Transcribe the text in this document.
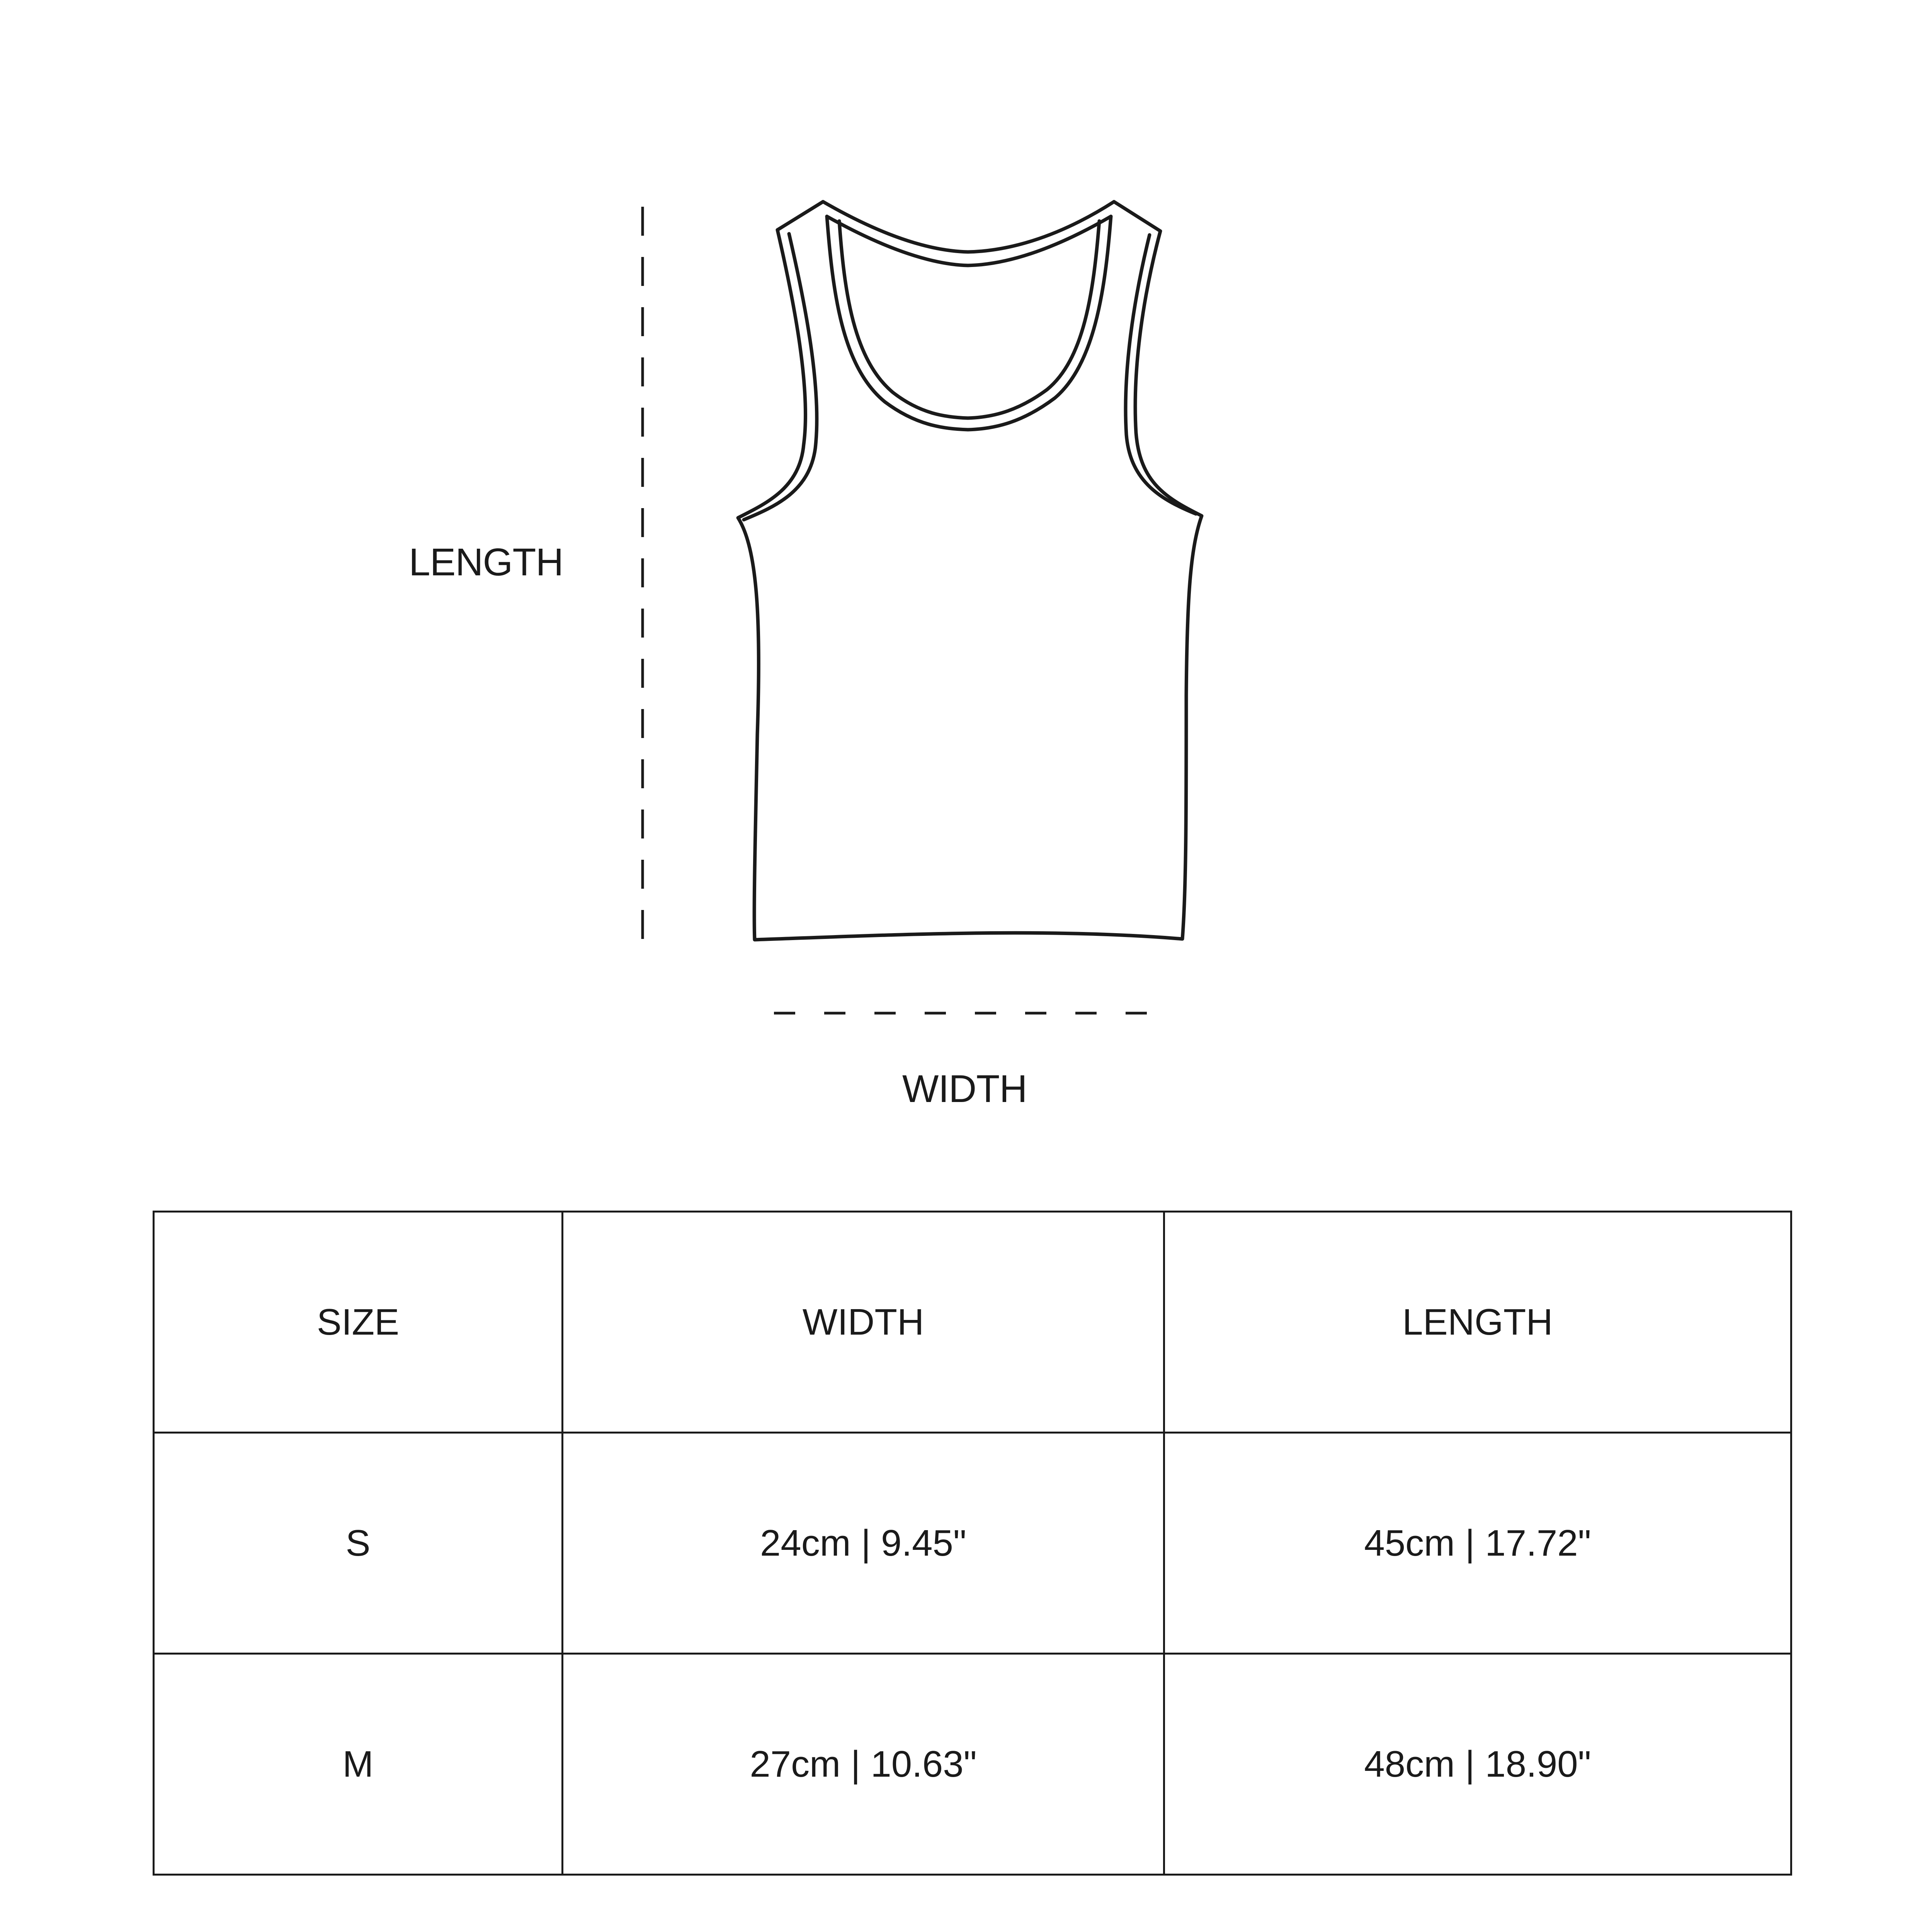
LENGTH
WIDTH
SIZE	WIDTH	LENGTH
S	24cm | 9.45"	45cm | 17.72"
M	27cm | 10.63"	48cm | 18.90"
